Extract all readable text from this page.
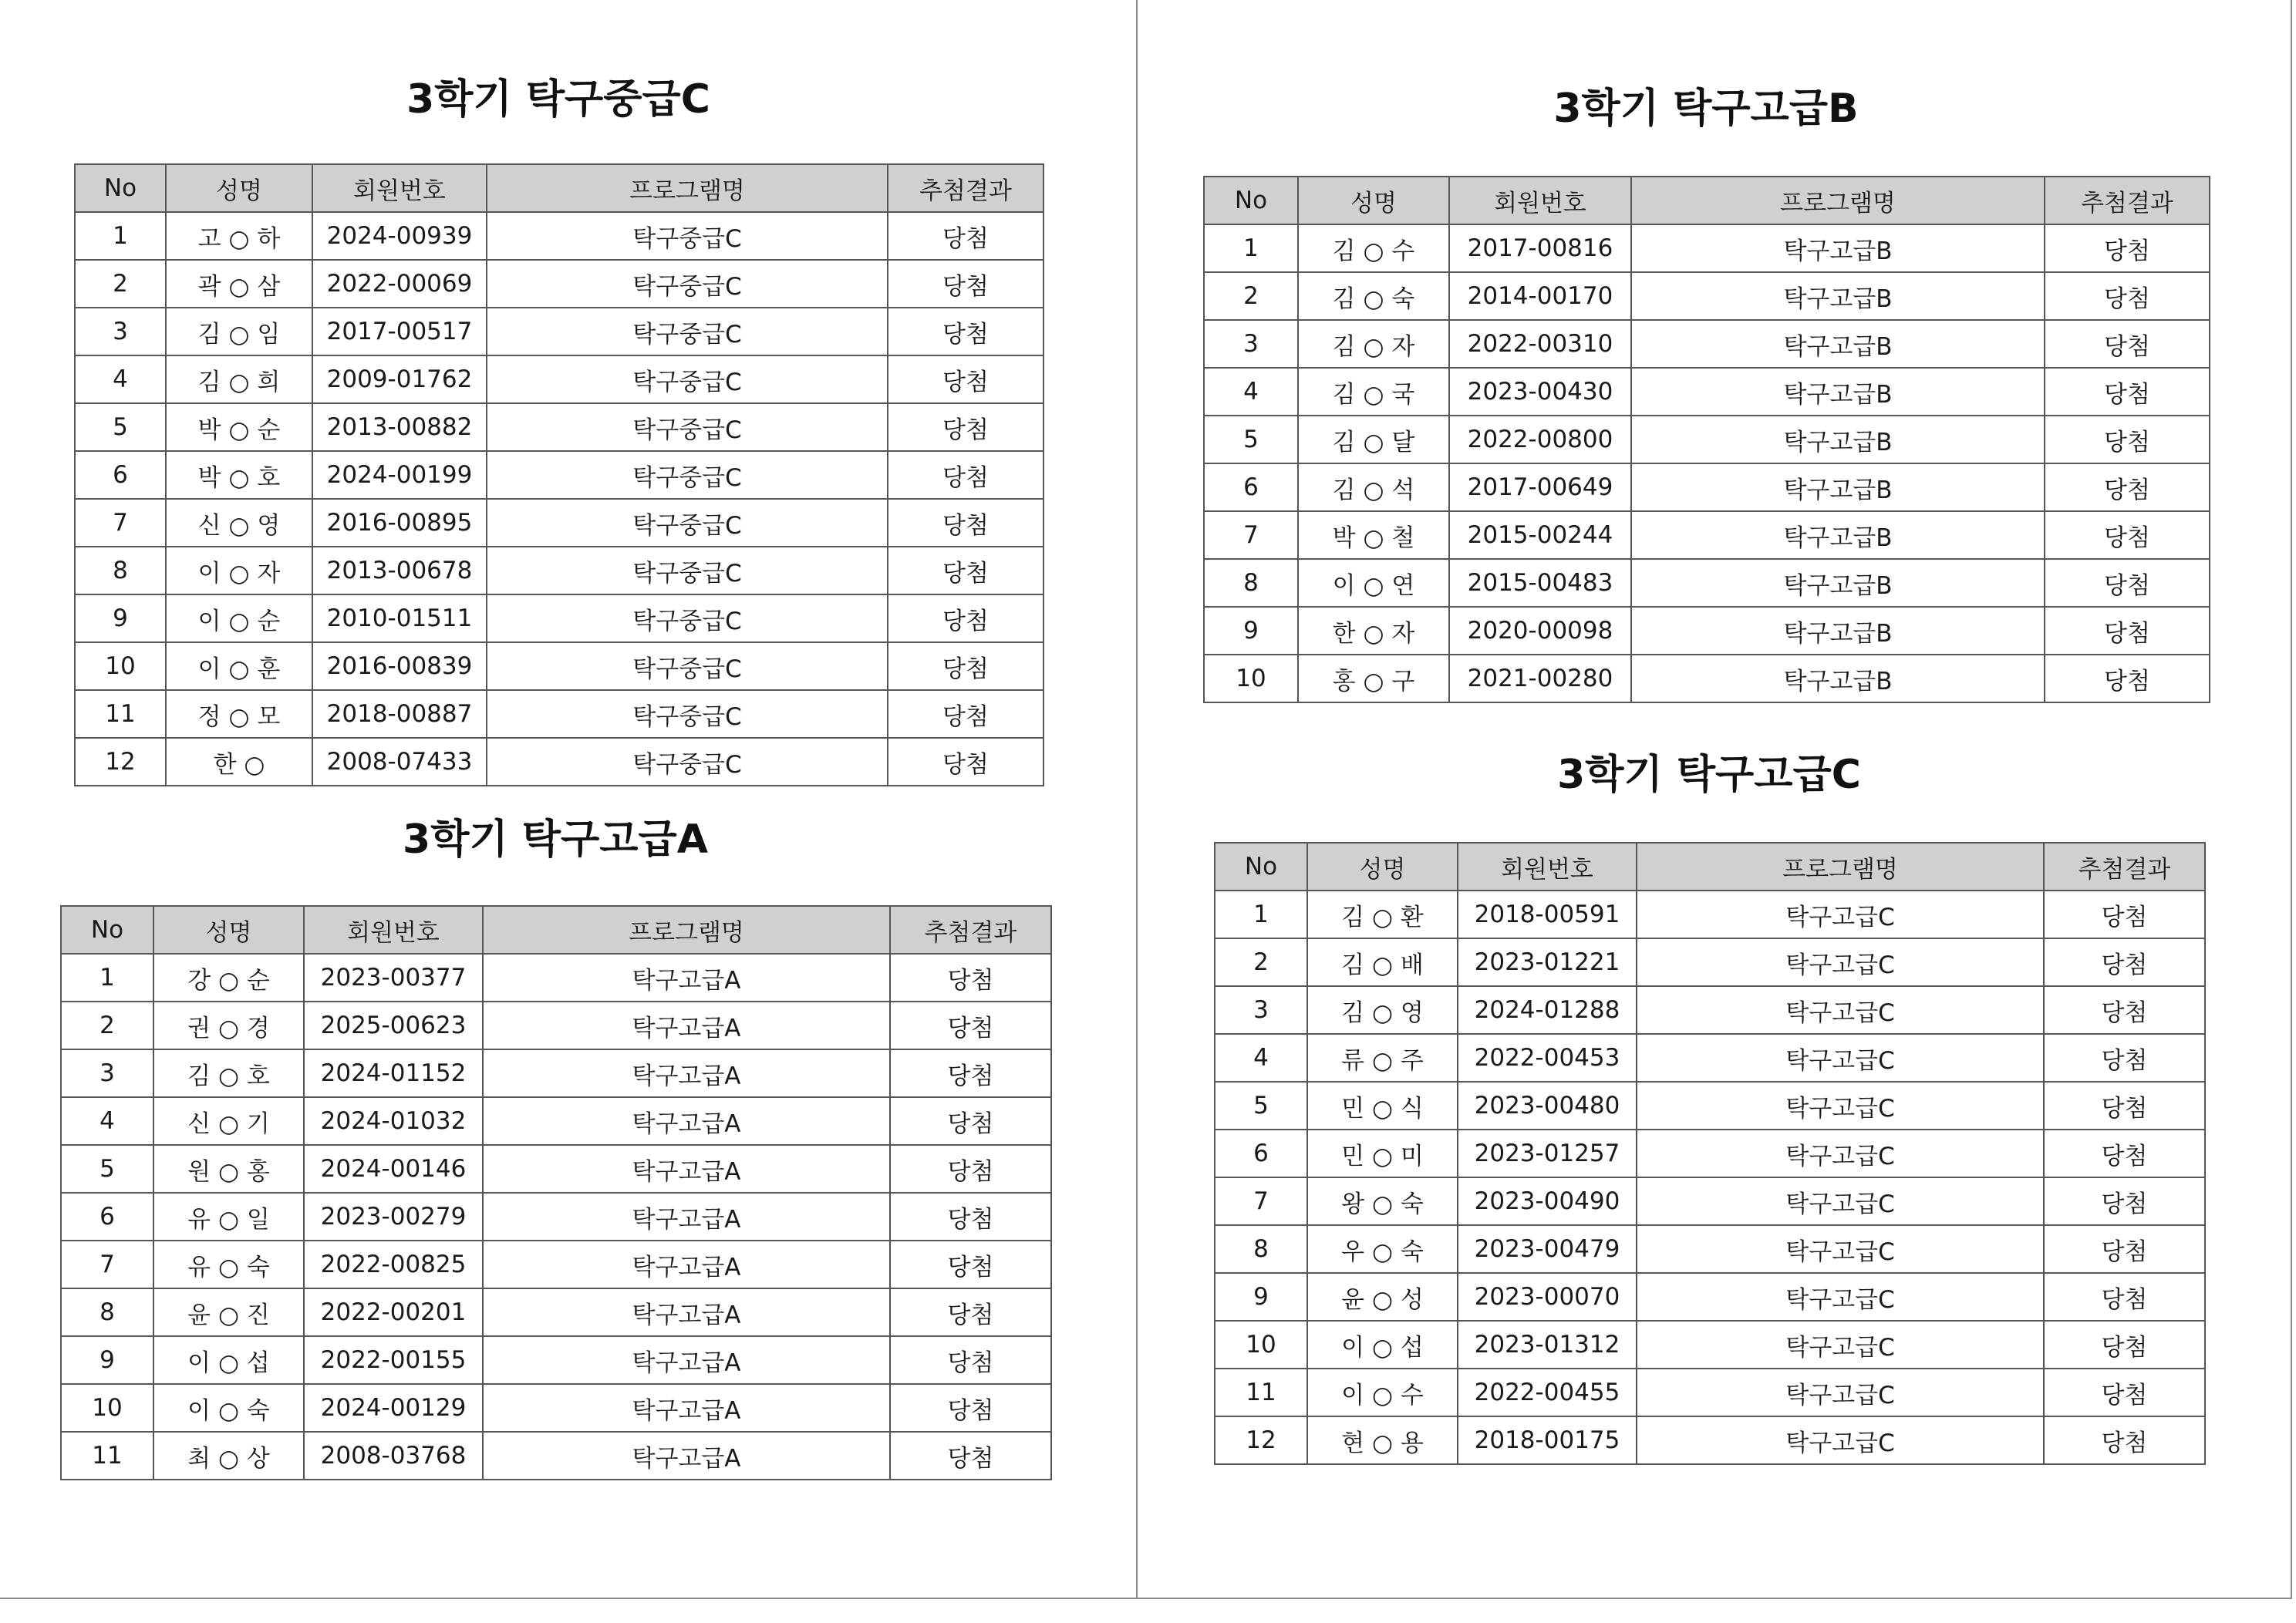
3학기 탁구중급C
No	성명	회원번호	프로그램명	추첨결과
1	고 ○ 하	2024-00939	탁구중급C	당첨
2	곽 ○ 삼	2022-00069	탁구중급C	당첨
3	김 ○ 임	2017-00517	탁구중급C	당첨
4	김 ○ 희	2009-01762	탁구중급C	당첨
5	박 ○ 순	2013-00882	탁구중급C	당첨
6	박 ○ 호	2024-00199	탁구중급C	당첨
7	신 ○ 영	2016-00895	탁구중급C	당첨
8	이 ○ 자	2013-00678	탁구중급C	당첨
9	이 ○ 순	2010-01511	탁구중급C	당첨
10	이 ○ 훈	2016-00839	탁구중급C	당첨
11	정 ○ 모	2018-00887	탁구중급C	당첨
12	한 ○	2008-07433	탁구중급C	당첨
3학기 탁구고급A
No	성명	회원번호	프로그램명	추첨결과
1	강 ○ 순	2023-00377	탁구고급A	당첨
2	권 ○ 경	2025-00623	탁구고급A	당첨
3	김 ○ 호	2024-01152	탁구고급A	당첨
4	신 ○ 기	2024-01032	탁구고급A	당첨
5	원 ○ 홍	2024-00146	탁구고급A	당첨
6	유 ○ 일	2023-00279	탁구고급A	당첨
7	유 ○ 숙	2022-00825	탁구고급A	당첨
8	윤 ○ 진	2022-00201	탁구고급A	당첨
9	이 ○ 섭	2022-00155	탁구고급A	당첨
10	이 ○ 숙	2024-00129	탁구고급A	당첨
11	최 ○ 상	2008-03768	탁구고급A	당첨
3학기 탁구고급B
No	성명	회원번호	프로그램명	추첨결과
1	김 ○ 수	2017-00816	탁구고급B	당첨
2	김 ○ 숙	2014-00170	탁구고급B	당첨
3	김 ○ 자	2022-00310	탁구고급B	당첨
4	김 ○ 국	2023-00430	탁구고급B	당첨
5	김 ○ 달	2022-00800	탁구고급B	당첨
6	김 ○ 석	2017-00649	탁구고급B	당첨
7	박 ○ 철	2015-00244	탁구고급B	당첨
8	이 ○ 연	2015-00483	탁구고급B	당첨
9	한 ○ 자	2020-00098	탁구고급B	당첨
10	홍 ○ 구	2021-00280	탁구고급B	당첨
3학기 탁구고급C
No	성명	회원번호	프로그램명	추첨결과
1	김 ○ 환	2018-00591	탁구고급C	당첨
2	김 ○ 배	2023-01221	탁구고급C	당첨
3	김 ○ 영	2024-01288	탁구고급C	당첨
4	류 ○ 주	2022-00453	탁구고급C	당첨
5	민 ○ 식	2023-00480	탁구고급C	당첨
6	민 ○ 미	2023-01257	탁구고급C	당첨
7	왕 ○ 숙	2023-00490	탁구고급C	당첨
8	우 ○ 숙	2023-00479	탁구고급C	당첨
9	윤 ○ 성	2023-00070	탁구고급C	당첨
10	이 ○ 섭	2023-01312	탁구고급C	당첨
11	이 ○ 수	2022-00455	탁구고급C	당첨
12	현 ○ 용	2018-00175	탁구고급C	당첨
